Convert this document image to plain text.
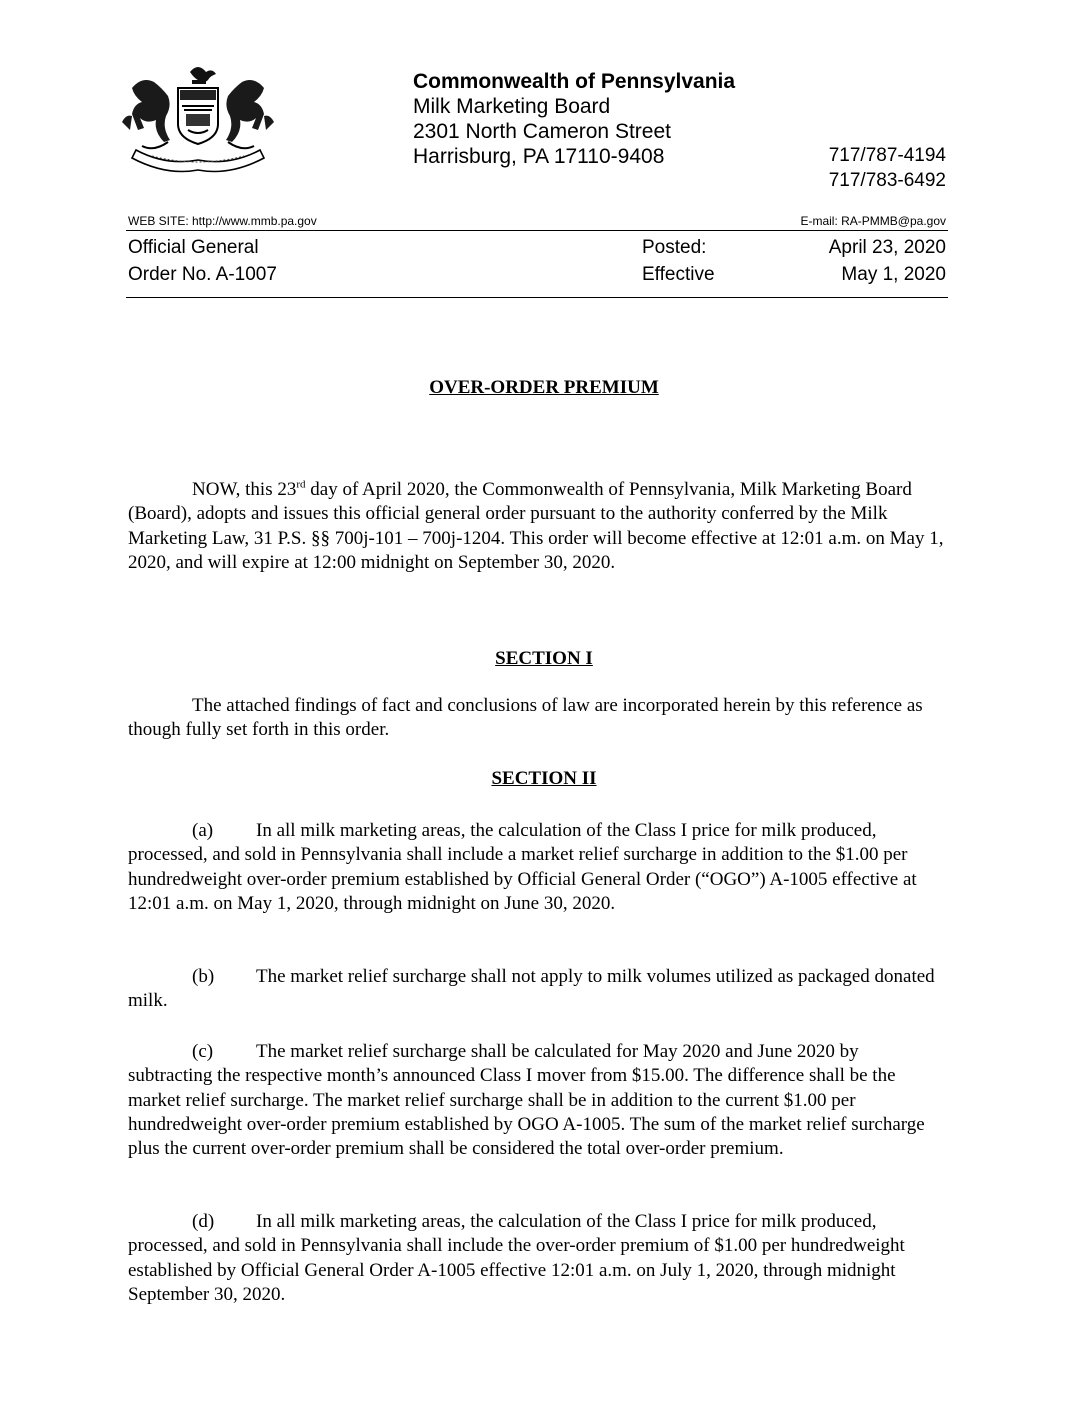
Commonwealth of Pennsylvania
Milk Marketing Board
2301 North Cameron Street
Harrisburg, PA 17110-9408	717/787-4194
717/783-6492
WEB SITE: http://www.mmb.pa.gov	E-mail: RA-PMMB@pa.gov
Official General
Order No. A-1007
Posted:
Effective
April 23, 2020
May 1, 2020
OVER-ORDER PREMIUM
NOW, this 23rd day of April 2020, the Commonwealth of Pennsylvania, Milk Marketing Board (Board), adopts and issues this official general order pursuant to the authority conferred by the Milk Marketing Law, 31 P.S. §§ 700j-101 – 700j-1204. This order will become effective at 12:01 a.m. on May 1, 2020, and will expire at 12:00 midnight on September 30, 2020.
SECTION I
The attached findings of fact and conclusions of law are incorporated herein by this reference as though fully set forth in this order.
SECTION II
(a) In all milk marketing areas, the calculation of the Class I price for milk produced, processed, and sold in Pennsylvania shall include a market relief surcharge in addition to the $1.00 per hundredweight over-order premium established by Official General Order (“OGO”) A-1005 effective at 12:01 a.m. on May 1, 2020, through midnight on June 30, 2020.
(b) The market relief surcharge shall not apply to milk volumes utilized as packaged donated milk.
(c) The market relief surcharge shall be calculated for May 2020 and June 2020 by subtracting the respective month’s announced Class I mover from $15.00. The difference shall be the market relief surcharge. The market relief surcharge shall be in addition to the current $1.00 per hundredweight over-order premium established by OGO A-1005. The sum of the market relief surcharge plus the current over-order premium shall be considered the total over-order premium.
(d) In all milk marketing areas, the calculation of the Class I price for milk produced, processed, and sold in Pennsylvania shall include the over-order premium of $1.00 per hundredweight established by Official General Order A-1005 effective 12:01 a.m. on July 1, 2020, through midnight September 30, 2020.
